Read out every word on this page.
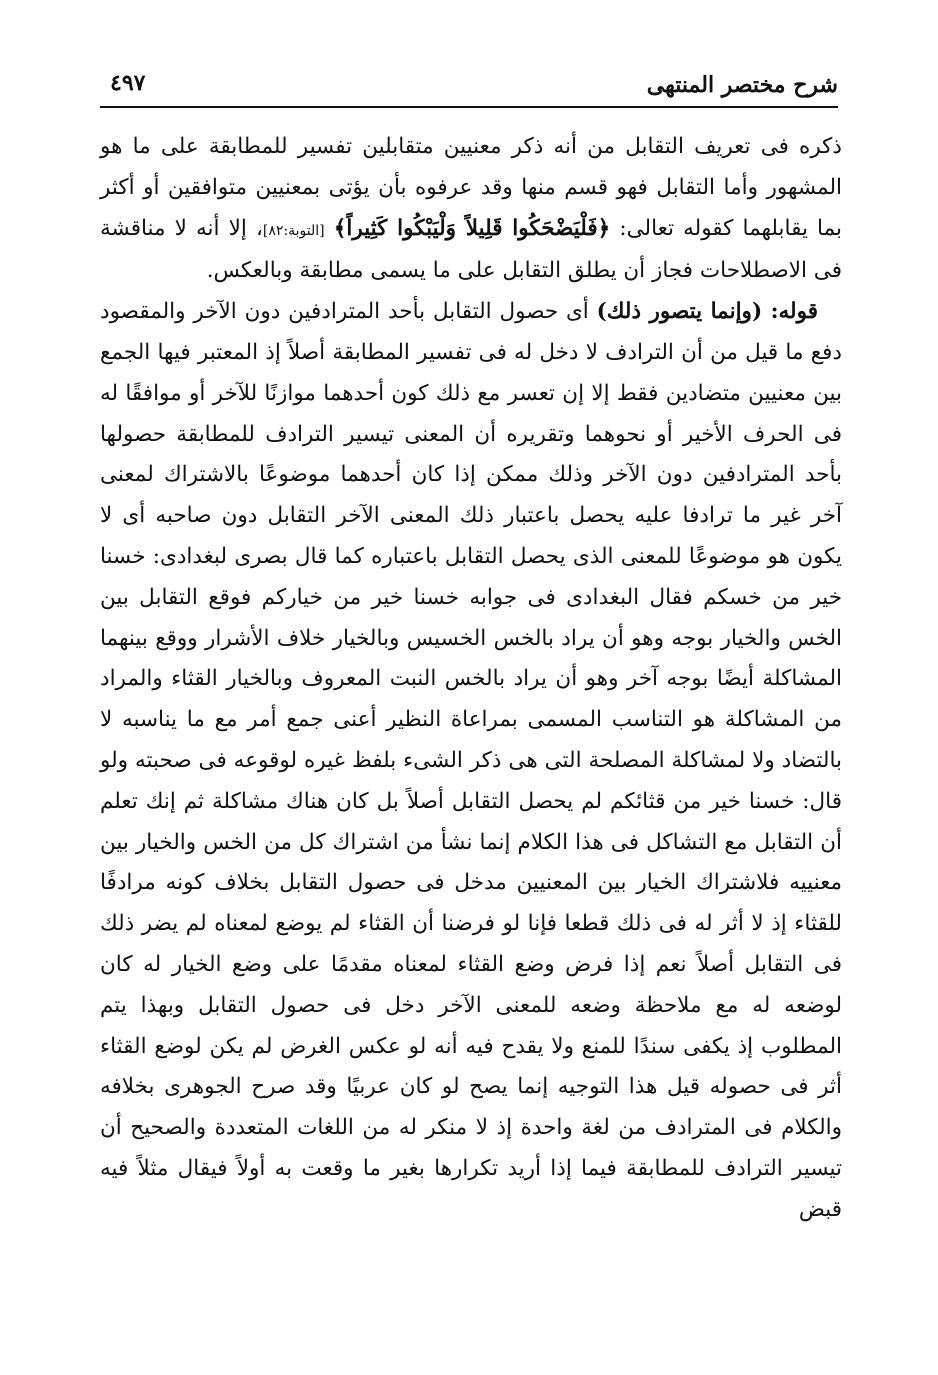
شرح مختصر المنتهى
٤٩٧

ذكره فى تعريف التقابل من أنه ذكر معنيين متقابلين تفسير للمطابقة على ما هو المشهور وأما التقابل فهو قسم منها وقد عرفوه بأن يؤتى بمعنيين متوافقين أو أكثر بما يقابلهما كقوله تعالى: ﴿فَلْيَضْحَكُوا قَلِيلاً وَلْيَبْكُوا كَثِيراً﴾ [التوبة:٨٢]، إلا أنه لا مناقشة فى الاصطلاحات فجاز أن يطلق التقابل على ما يسمى مطابقة وبالعكس.

قوله: (وإنما يتصور ذلك) أى حصول التقابل بأحد المترادفين دون الآخر والمقصود دفع ما قيل من أن الترادف لا دخل له فى تفسير المطابقة أصلاً إذ المعتبر فيها الجمع بين معنيين متضادين فقط إلا إن تعسر مع ذلك كون أحدهما موازنًا للآخر أو موافقًا له فى الحرف الأخير أو نحوهما وتقريره أن المعنى تيسير الترادف للمطابقة حصولها بأحد المترادفين دون الآخر وذلك ممكن إذا كان أحدهما موضوعًا بالاشتراك لمعنى آخر غير ما ترادفا عليه يحصل باعتبار ذلك المعنى الآخر التقابل دون صاحبه أى لا يكون هو موضوعًا للمعنى الذى يحصل التقابل باعتباره كما قال بصرى لبغدادى: خسنا خير من خسكم فقال البغدادى فى جوابه خسنا خير من خياركم فوقع التقابل بين الخس والخيار بوجه وهو أن يراد بالخس الخسيس وبالخيار خلاف الأشرار ووقع بينهما المشاكلة أيضًا بوجه آخر وهو أن يراد بالخس النبت المعروف وبالخيار القثاء والمراد من المشاكلة هو التناسب المسمى بمراعاة النظير أعنى جمع أمر مع ما يناسبه لا بالتضاد ولا لمشاكلة المصلحة التى هى ذكر الشىء بلفظ غيره لوقوعه فى صحبته ولو قال: خسنا خير من قثائكم لم يحصل التقابل أصلاً بل كان هناك مشاكلة ثم إنك تعلم أن التقابل مع التشاكل فى هذا الكلام إنما نشأ من اشتراك كل من الخس والخيار بين معنييه فلاشتراك الخيار بين المعنيين مدخل فى حصول التقابل بخلاف كونه مرادفًا للقثاء إذ لا أثر له فى ذلك قطعا فإنا لو فرضنا أن القثاء لم يوضع لمعناه لم يضر ذلك فى التقابل أصلاً نعم إذا فرض وضع القثاء لمعناه مقدمًا على وضع الخيار له كان لوضعه له مع ملاحظة وضعه للمعنى الآخر دخل فى حصول التقابل وبهذا يتم المطلوب إذ يكفى سندًا للمنع ولا يقدح فيه أنه لو عكس الغرض لم يكن لوضع القثاء أثر فى حصوله قيل هذا التوجيه إنما يصح لو كان عربيًا وقد صرح الجوهرى بخلافه والكلام فى المترادف من لغة واحدة إذ لا منكر له من اللغات المتعددة والصحيح أن تيسير الترادف للمطابقة فيما إذا أريد تكرارها بغير ما وقعت به أولاً فيقال مثلاً فيه قبض
